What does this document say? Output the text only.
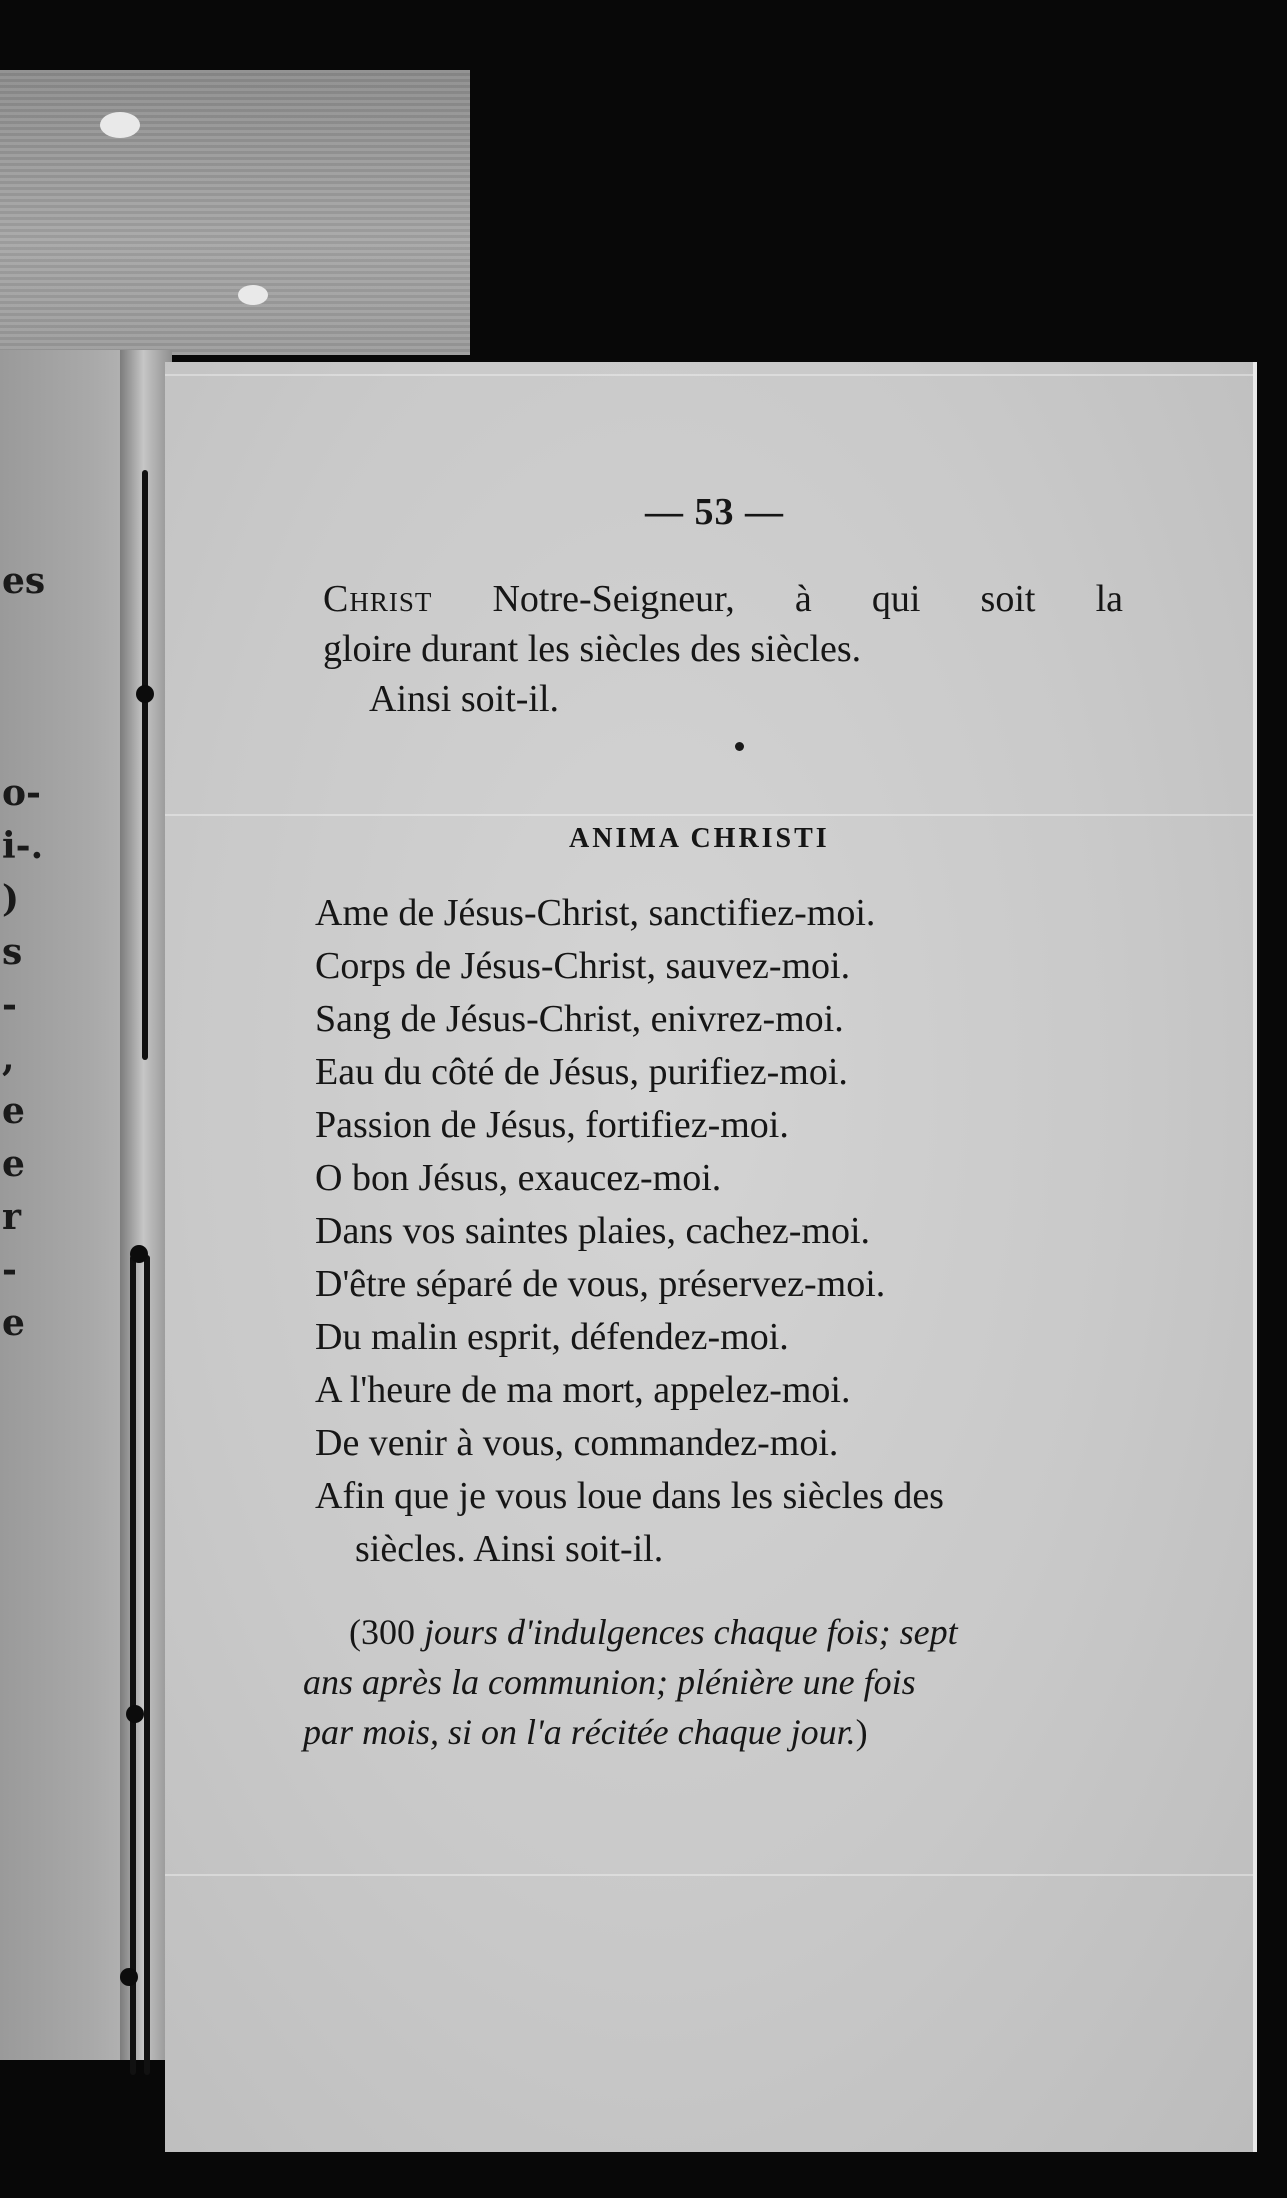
es

o-
i-.
)
s
-
,
e
e
r
-
e

— 53 —
Christ Notre-Seigneur, à qui soit la
gloire durant les siècles des siècles.
Ainsi soit-il.
ANIMA CHRISTI
Ame de Jésus-Christ, sanctifiez-moi.
Corps de Jésus-Christ, sauvez-moi.
Sang de Jésus-Christ, enivrez-moi.
Eau du côté de Jésus, purifiez-moi.
Passion de Jésus, fortifiez-moi.
O bon Jésus, exaucez-moi.
Dans vos saintes plaies, cachez-moi.
D'être séparé de vous, préservez-moi.
Du malin esprit, défendez-moi.
A l'heure de ma mort, appelez-moi.
De venir à vous, commandez-moi.
Afin que je vous loue dans les siècles des
siècles. Ainsi soit-il.
(300 jours d'indulgences chaque fois; sept
ans après la communion; plénière une fois
par mois, si on l'a récitée chaque jour.)
